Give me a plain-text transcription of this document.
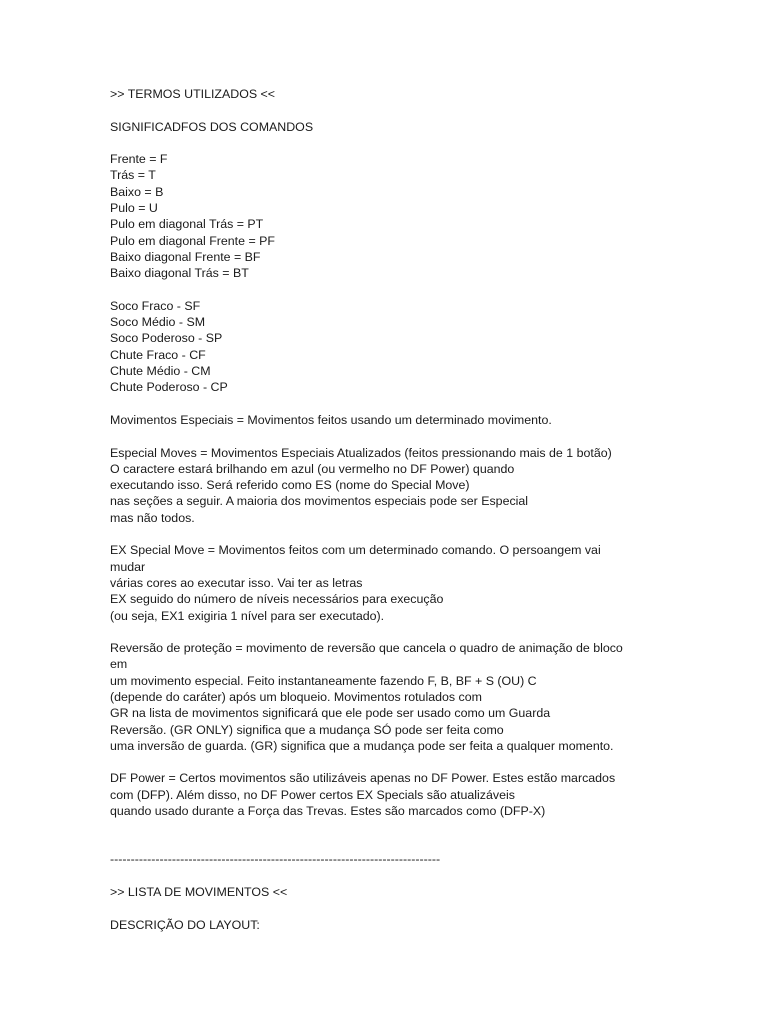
>> TERMOS UTILIZADOS <<
SIGNIFICADFOS DOS COMANDOS
Frente = F
Trás = T
Baixo = B
Pulo = U
Pulo em diagonal Trás = PT
Pulo em diagonal Frente = PF
Baixo diagonal Frente = BF
Baixo diagonal Trás = BT
Soco Fraco - SF
Soco Médio - SM
Soco Poderoso - SP
Chute Fraco - CF
Chute Médio - CM
Chute Poderoso - CP
Movimentos Especiais = Movimentos feitos usando um determinado movimento.
Especial Moves = Movimentos Especiais Atualizados (feitos pressionando mais de 1 botão)
O caractere estará brilhando em azul (ou vermelho no DF Power) quando
executando isso. Será referido como ES (nome do Special Move)
nas seções a seguir. A maioria dos movimentos especiais pode ser Especial
mas não todos.
EX Special Move = Movimentos feitos com um determinado comando. O persoangem vai
mudar
várias cores ao executar isso. Vai ter as letras
EX seguido do número de níveis necessários para execução
(ou seja, EX1 exigiria 1 nível para ser executado).
Reversão de proteção = movimento de reversão que cancela o quadro de animação de bloco
em
um movimento especial. Feito instantaneamente fazendo F, B, BF + S (OU) C
(depende do caráter) após um bloqueio. Movimentos rotulados com
GR na lista de movimentos significará que ele pode ser usado como um Guarda
Reversão. (GR ONLY) significa que a mudança SÓ pode ser feita como
uma inversão de guarda. (GR) significa que a mudança pode ser feita a qualquer momento.
DF Power = Certos movimentos são utilizáveis apenas no DF Power. Estes estão marcados
com (DFP). Além disso, no DF Power certos EX Specials são atualizáveis
quando usado durante a Força das Trevas. Estes são marcados como (DFP-X)
--------------------------------------------------------------------------------
>> LISTA DE MOVIMENTOS <<
DESCRIÇÃO DO LAYOUT:
